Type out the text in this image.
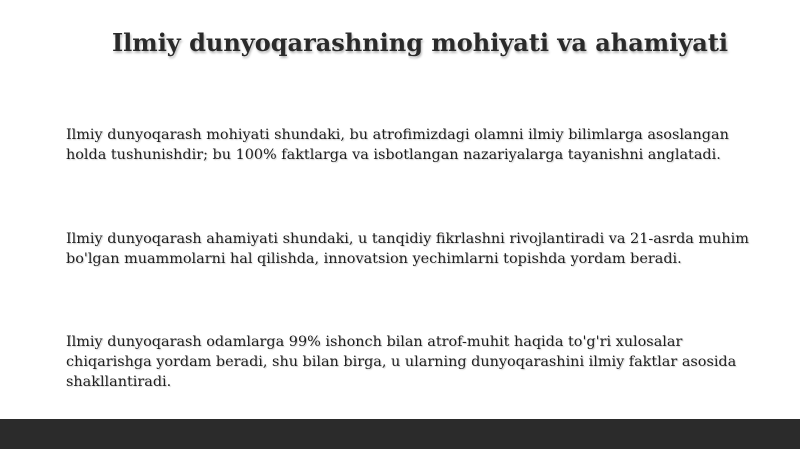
Ilmiy dunyoqarashning mohiyati va ahamiyati

Ilmiy dunyoqarash mohiyati shundaki, bu atrofimizdagi olamni ilmiy bilimlarga asoslangan holda tushunishdir; bu 100% faktlarga va isbotlangan nazariyalarga tayanishni anglatadi.

Ilmiy dunyoqarash ahamiyati shundaki, u tanqidiy fikrlashni rivojlantiradi va 21-asrda muhim bo'lgan muammolarni hal qilishda, innovatsion yechimlarni topishda yordam beradi.

Ilmiy dunyoqarash odamlarga 99% ishonch bilan atrof-muhit haqida to'g'ri xulosalar chiqarishga yordam beradi, shu bilan birga, u ularning dunyoqarashini ilmiy faktlar asosida shakllantiradi.
